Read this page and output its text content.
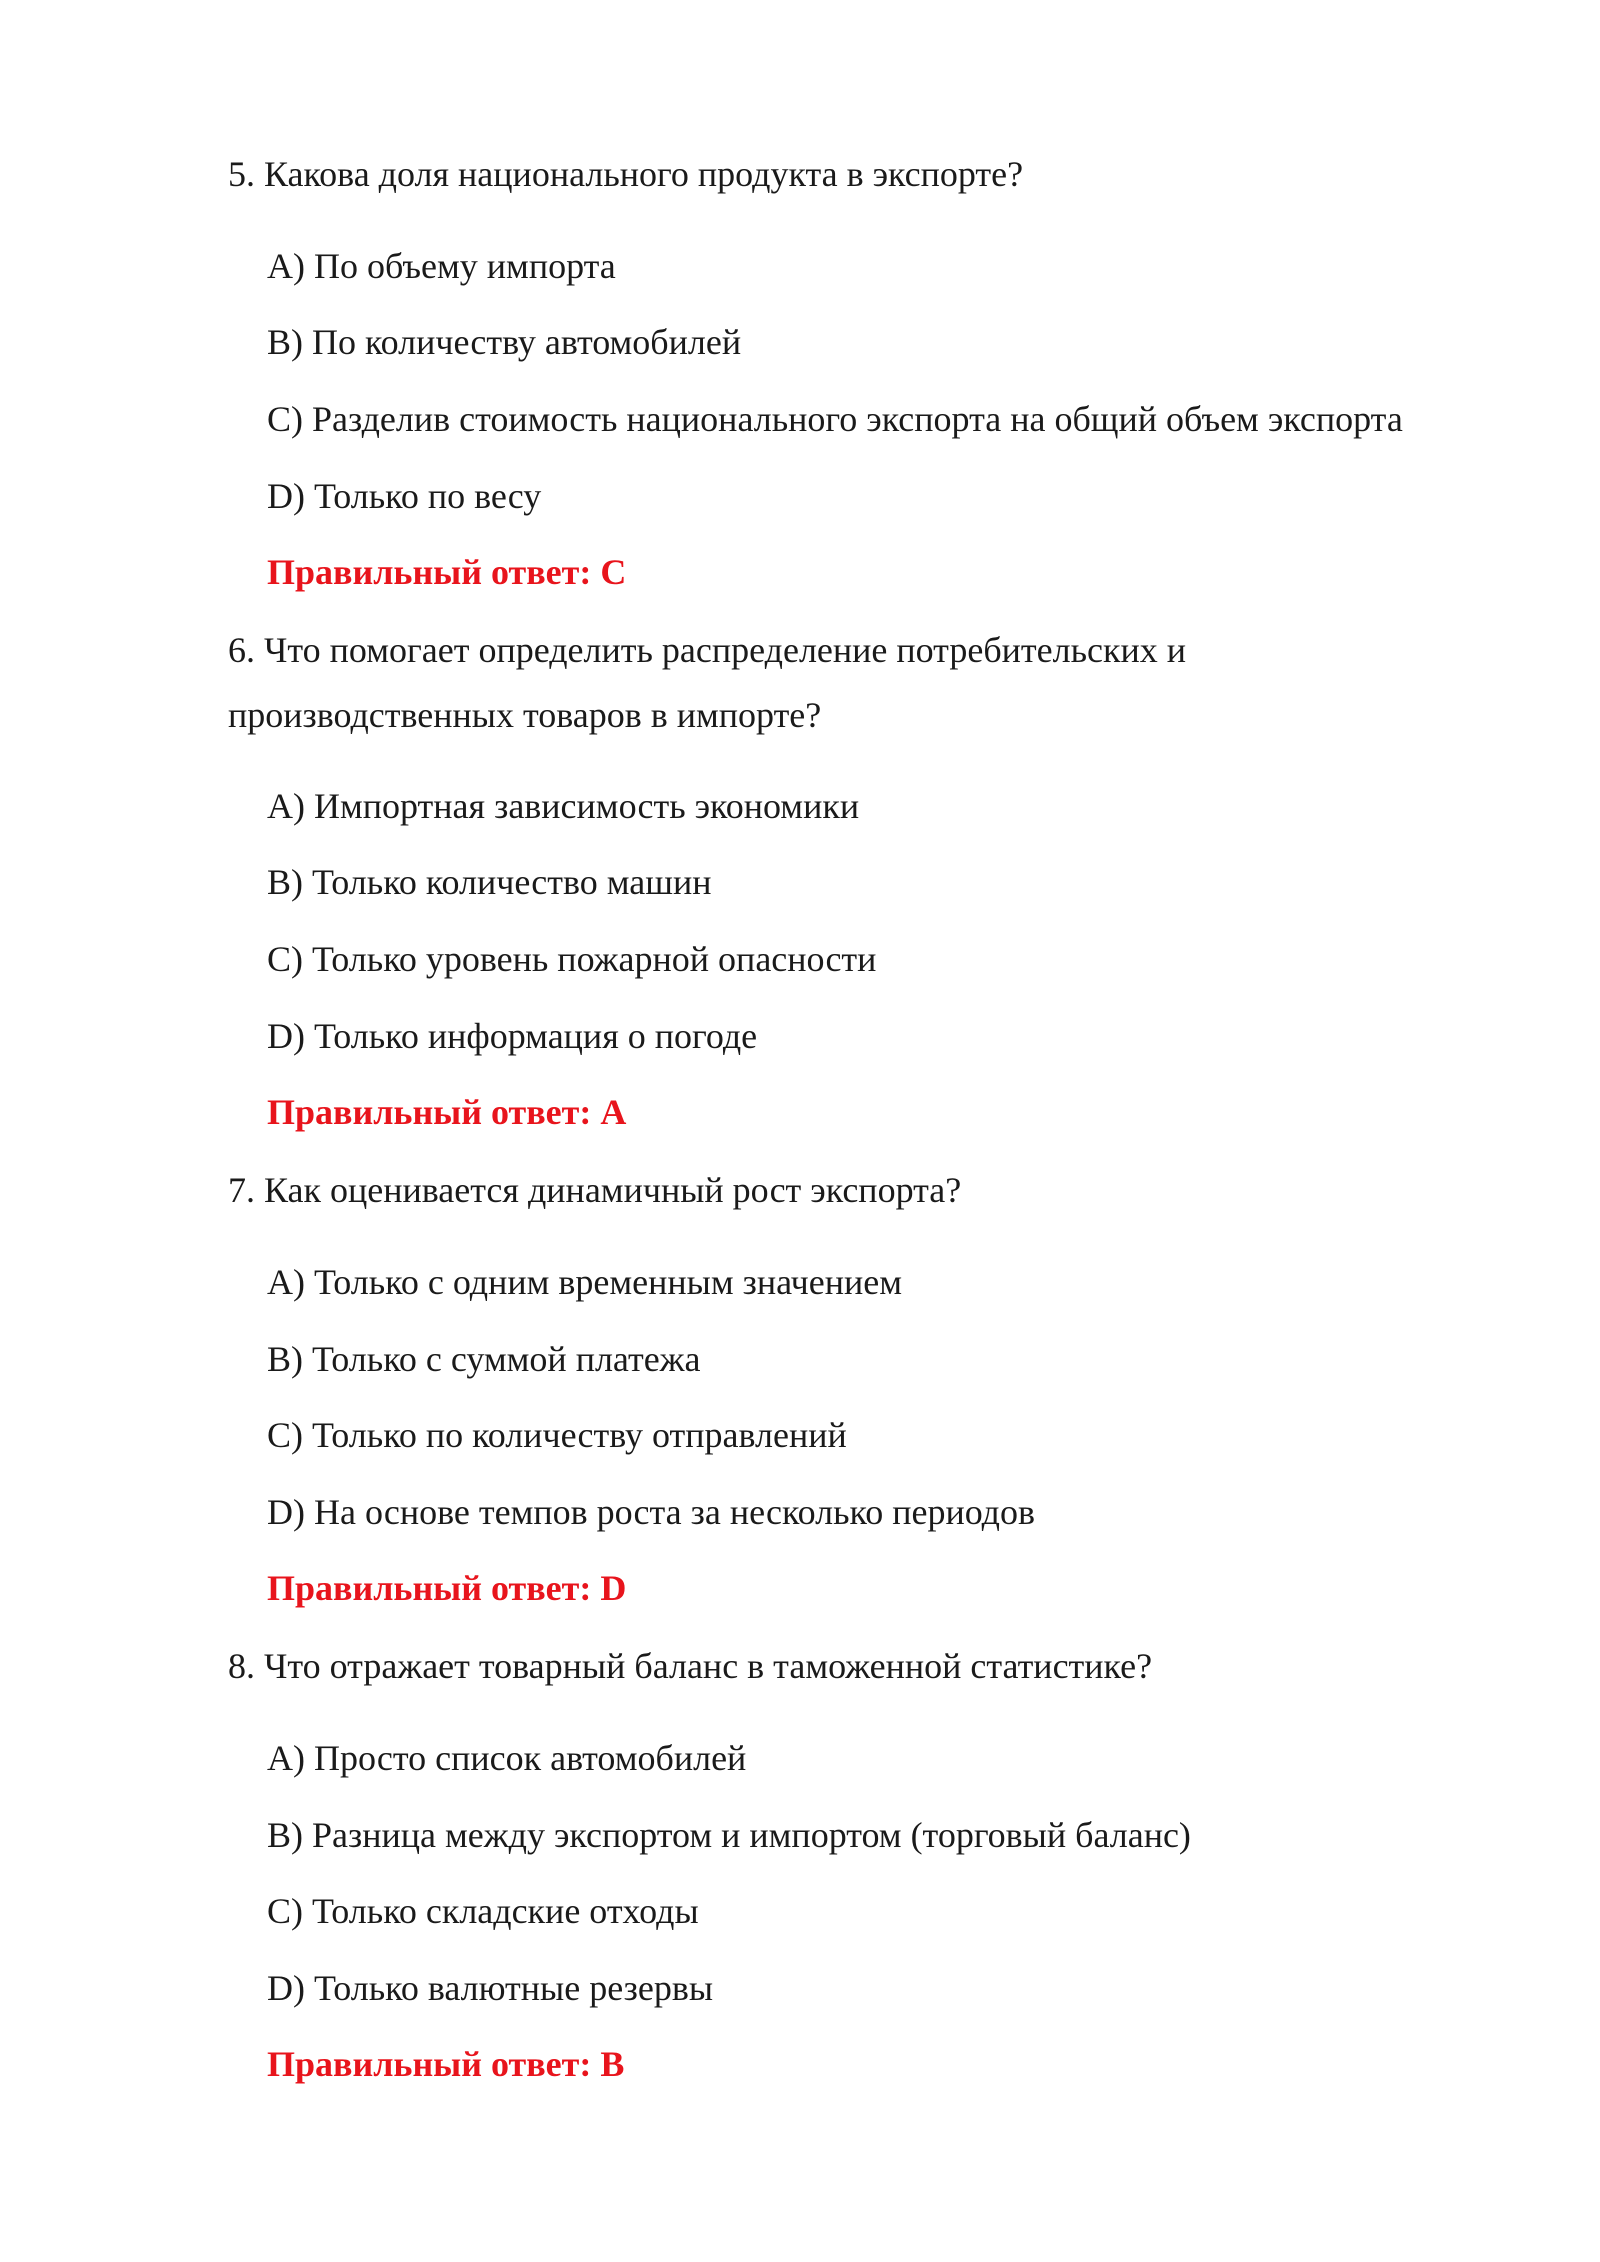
5. Какова доля национального продукта в экспорте?

A) По объему импорта

B) По количеству автомобилей

C) Разделив стоимость национального экспорта на общий объем экспорта

D) Только по весу

Правильный ответ: C

6. Что помогает определить распределение потребительских и производственных товаров в импорте?

A) Импортная зависимость экономики

B) Только количество машин

C) Только уровень пожарной опасности

D) Только информация о погоде

Правильный ответ: A

7. Как оценивается динамичный рост экспорта?

A) Только с одним временным значением

B) Только с суммой платежа

C) Только по количеству отправлений

D) На основе темпов роста за несколько периодов

Правильный ответ: D

8. Что отражает товарный баланс в таможенной статистике?

A) Просто список автомобилей

B) Разница между экспортом и импортом (торговый баланс)

C) Только складские отходы

D) Только валютные резервы

Правильный ответ: B
